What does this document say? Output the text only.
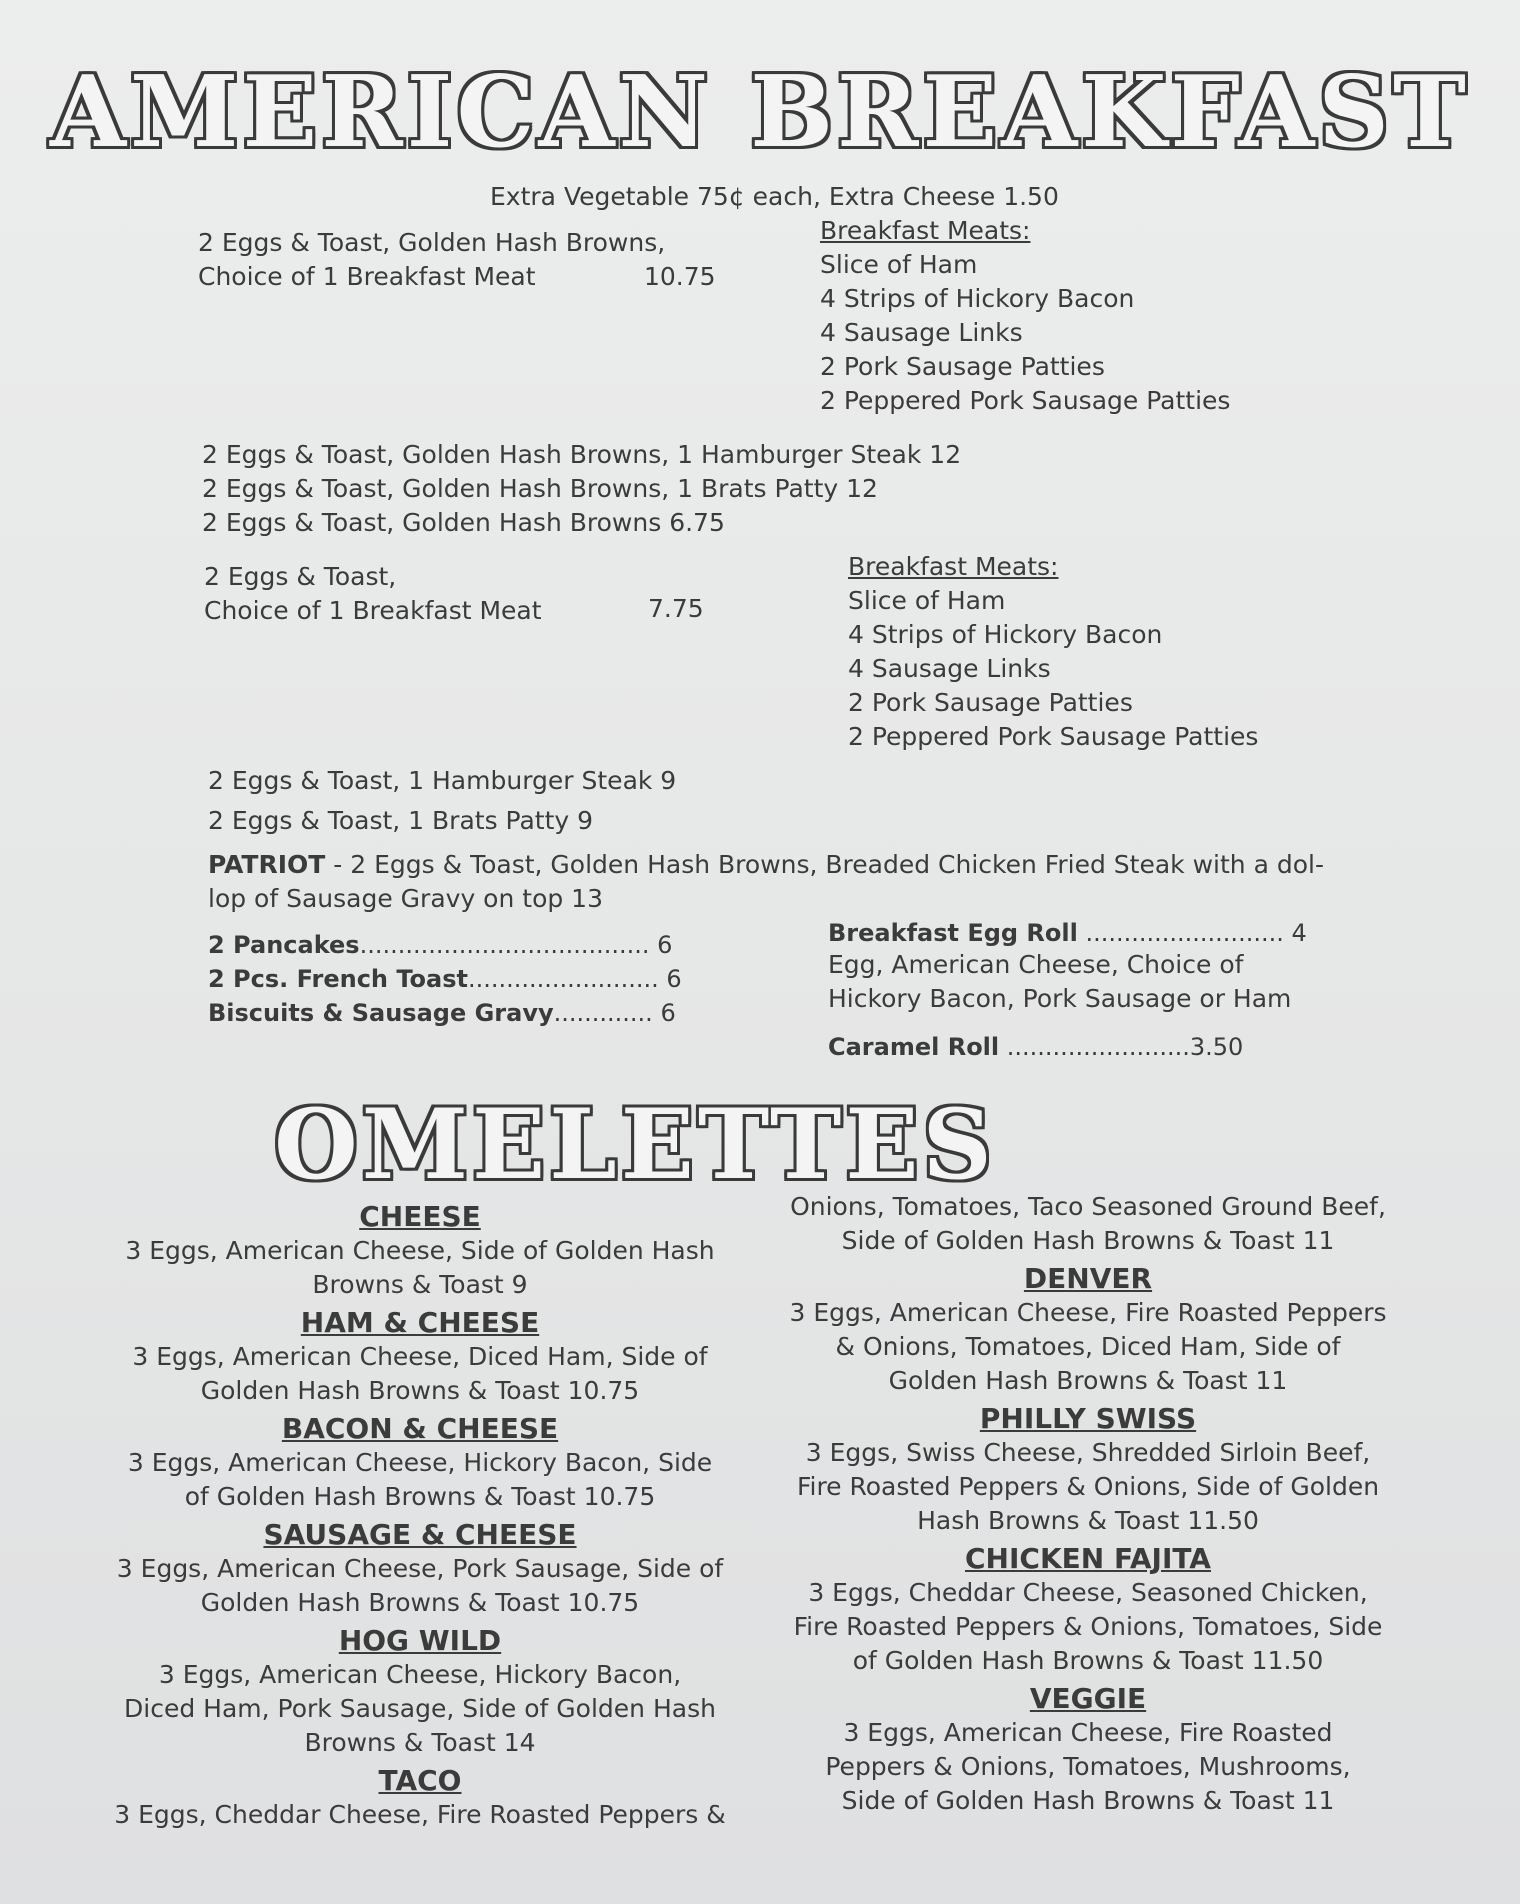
AMERICAN BREAKFAST
Extra Vegetable 75¢ each, Extra Cheese 1.50
2 Eggs & Toast, Golden Hash Browns,
Choice of 1 Breakfast Meat	10.75
Breakfast Meats:
Slice of Ham
4 Strips of Hickory Bacon
4 Sausage Links
2 Pork Sausage Patties
2 Peppered Pork Sausage Patties
2 Eggs & Toast, Golden Hash Browns, 1 Hamburger Steak 12
2 Eggs & Toast, Golden Hash Browns, 1 Brats Patty 12
2 Eggs & Toast, Golden Hash Browns 6.75
2 Eggs & Toast,
Choice of 1 Breakfast Meat	7.75
Breakfast Meats:
Slice of Ham
4 Strips of Hickory Bacon
4 Sausage Links
2 Pork Sausage Patties
2 Peppered Pork Sausage Patties
2 Eggs & Toast, 1 Hamburger Steak 9
2 Eggs & Toast, 1 Brats Patty 9
PATRIOT - 2 Eggs & Toast, Golden Hash Browns, Breaded Chicken Fried Steak with a dol-
lop of Sausage Gravy on top 13
2 Pancakes...................................... 6
2 Pcs. French Toast......................... 6
Biscuits & Sausage Gravy............. 6
Breakfast Egg Roll .......................... 4
Egg, American Cheese, Choice of
Hickory Bacon, Pork Sausage or Ham
Caramel Roll ........................3.50
OMELETTES
CHEESE
3 Eggs, American Cheese, Side of Golden Hash Browns & Toast 9
HAM & CHEESE
3 Eggs, American Cheese, Diced Ham, Side of Golden Hash Browns & Toast 10.75
BACON & CHEESE
3 Eggs, American Cheese, Hickory Bacon, Side of Golden Hash Browns & Toast 10.75
SAUSAGE & CHEESE
3 Eggs, American Cheese, Pork Sausage, Side of Golden Hash Browns & Toast 10.75
HOG WILD
3 Eggs, American Cheese, Hickory Bacon, Diced Ham, Pork Sausage, Side of Golden Hash Browns & Toast 14
TACO
3 Eggs, Cheddar Cheese, Fire Roasted Peppers &
Onions, Tomatoes, Taco Seasoned Ground Beef, Side of Golden Hash Browns & Toast 11
DENVER
3 Eggs, American Cheese, Fire Roasted Peppers & Onions, Tomatoes, Diced Ham, Side of Golden Hash Browns & Toast 11
PHILLY SWISS
3 Eggs, Swiss Cheese, Shredded Sirloin Beef, Fire Roasted Peppers & Onions, Side of Golden Hash Browns & Toast 11.50
CHICKEN FAJITA
3 Eggs, Cheddar Cheese, Seasoned Chicken, Fire Roasted Peppers & Onions, Tomatoes, Side of Golden Hash Browns & Toast 11.50
VEGGIE
3 Eggs, American Cheese, Fire Roasted Peppers & Onions, Tomatoes, Mushrooms, Side of Golden Hash Browns & Toast 11
